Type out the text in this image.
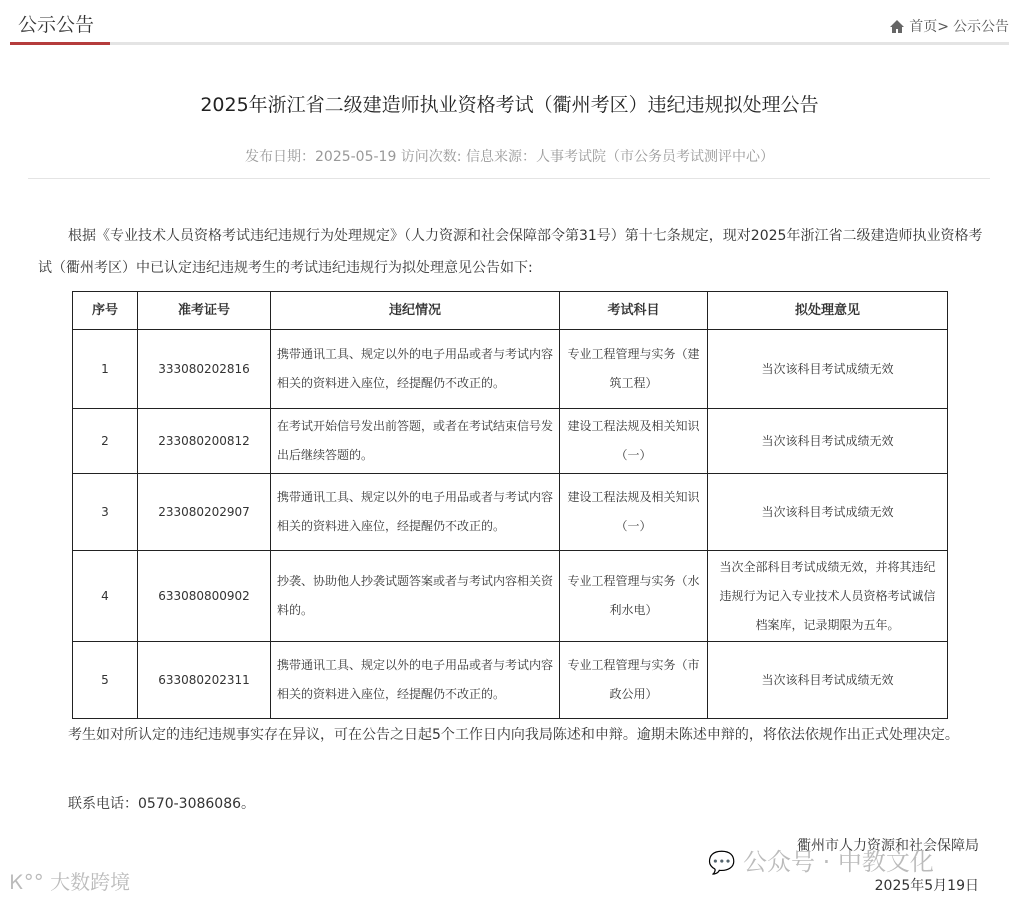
公示公告	首页> 公示公告
2025年浙江省二级建造师执业资格考试（衢州考区）违纪违规拟处理公告
发布日期：2025-05-19 访问次数: 信息来源：人事考试院（市公务员考试测评中心）
根据《专业技术人员资格考试违纪违规行为处理规定》（人力资源和社会保障部令第31号）第十七条规定，现对2025年浙江省二级建造师执业资格考试（衢州考区）中已认定违纪违规考生的考试违纪违规行为拟处理意见公告如下:
序号	准考证号	违纪情况	考试科目	拟处理意见
1	333080202816	携带通讯工具、规定以外的电子用品或者与考试内容相关的资料进入座位，经提醒仍不改正的。	专业工程管理与实务（建筑工程）	当次该科目考试成绩无效
2	233080200812	在考试开始信号发出前答题，或者在考试结束信号发出后继续答题的。	建设工程法规及相关知识（一）	当次该科目考试成绩无效
3	233080202907	携带通讯工具、规定以外的电子用品或者与考试内容相关的资料进入座位，经提醒仍不改正的。	建设工程法规及相关知识（一）	当次该科目考试成绩无效
4	633080800902	抄袭、协助他人抄袭试题答案或者与考试内容相关资料的。	专业工程管理与实务（水利水电）	当次全部科目考试成绩无效，并将其违纪违规行为记入专业技术人员资格考试诚信档案库，记录期限为五年。
5	633080202311	携带通讯工具、规定以外的电子用品或者与考试内容相关的资料进入座位，经提醒仍不改正的。	专业工程管理与实务（市政公用）	当次该科目考试成绩无效
考生如对所认定的违纪违规事实存在异议，可在公告之日起5个工作日内向我局陈述和申辩。逾期未陈述申辩的，将依法依规作出正式处理决定。
联系电话：0570-3086086。
衢州市人力资源和社会保障局
2025年5月19日
Ꮶ°° 大数跨境
💬 公众号 · 中教文化
